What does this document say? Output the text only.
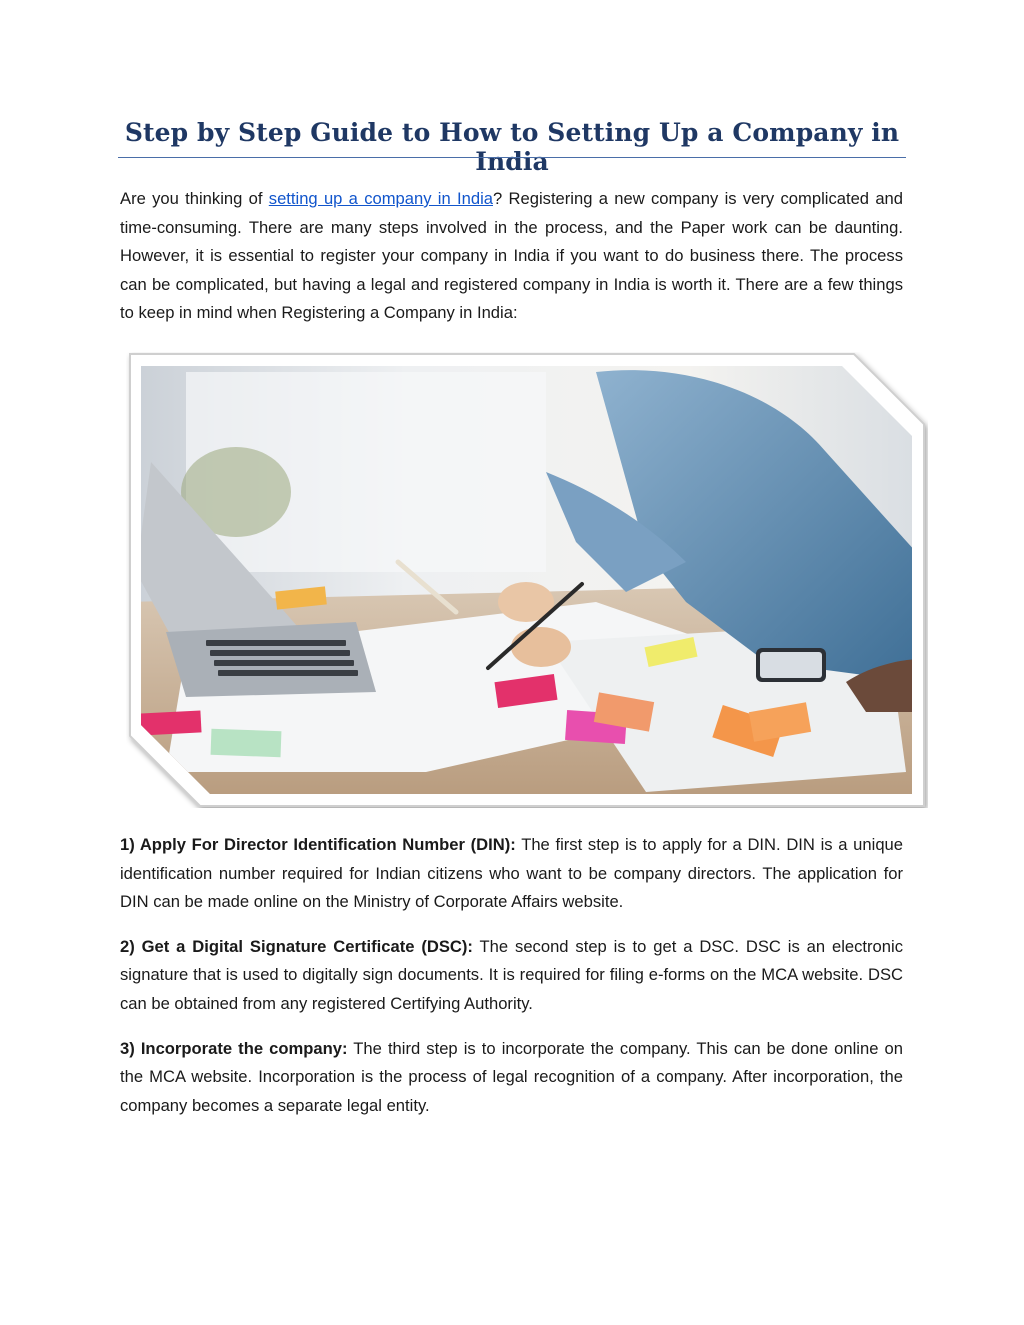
Step by Step Guide to How to Setting Up a Company in India

Are you thinking of setting up a company in India? Registering a new company is very complicated and time-consuming. There are many steps involved in the process, and the Paper work can be daunting. However, it is essential to register your company in India if you want to do business there. The process can be complicated, but having a legal and registered company in India is worth it. There are a few things to keep in mind when Registering a Company in India:

1) Apply For Director Identification Number (DIN): The first step is to apply for a DIN. DIN is a unique identification number required for Indian citizens who want to be company directors. The application for DIN can be made online on the Ministry of Corporate Affairs website.

2) Get a Digital Signature Certificate (DSC): The second step is to get a DSC. DSC is an electronic signature that is used to digitally sign documents. It is required for filing e-forms on the MCA website. DSC can be obtained from any registered Certifying Authority.

3) Incorporate the company: The third step is to incorporate the company. This can be done online on the MCA website. Incorporation is the process of legal recognition of a company. After incorporation, the company becomes a separate legal entity.
